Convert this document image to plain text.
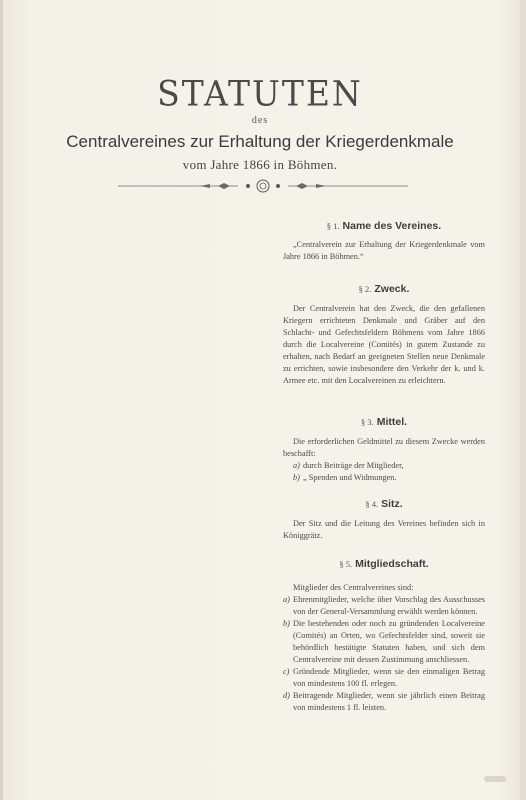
STATUTEN
des
Centralvereines zur Erhaltung der Kriegerdenkmale
vom Jahre 1866 in Böhmen.
§ 1. Name des Vereines.

„Centralverein zur Erhaltung der Kriegerdenkmale vom Jahre 1866 in Böhmen.“

§ 2. Zweck.

Der Centralverein hat den Zweck, die den gefallenen Kriegern errichteten Denkmale und Gräber auf den Schlacht- und Gefechtsfeldern Böhmens vom Jahre 1866 durch die Localvereine (Comités) in gutem Zustande zu erhalten, nach Bedarf an geeigneten Stellen neue Denkmale zu errichten, sowie insbesondere den Verkehr der k. und k. Armee etc. mit den Localvereinen zu erleichtern.

§ 3. Mittel.

Die erforderlichen Geldmittel zu diesem Zwecke werden beschafft:

a) durch Beiträge der Mitglieder,
b) „ Spenden und Widmungen.
§ 4. Sitz.

Der Sitz und die Leitung des Vereines befinden sich in Königgrätz.

§ 5. Mitgliedschaft.

Mitglieder des Centralvereines sind:

a) Ehrenmitglieder, welche über Vorschlag des Ausschusses von der General-Versammlung erwählt werden können.
b) Die bestehenden oder noch zu gründenden Localvereine (Comités) an Orten, wo Gefechtsfelder sind, soweit sie behördlich bestätigte Statuten haben, und sich dem Centralvereine mit dessen Zustimmung anschliessen.
c) Gründende Mitglieder, wenn sie den einmaligen Betrag von mindestens 100 fl. erlegen.
d) Beitragende Mitglieder, wenn sie jährlich einen Beitrag von mindestens 1 fl. leisten.
